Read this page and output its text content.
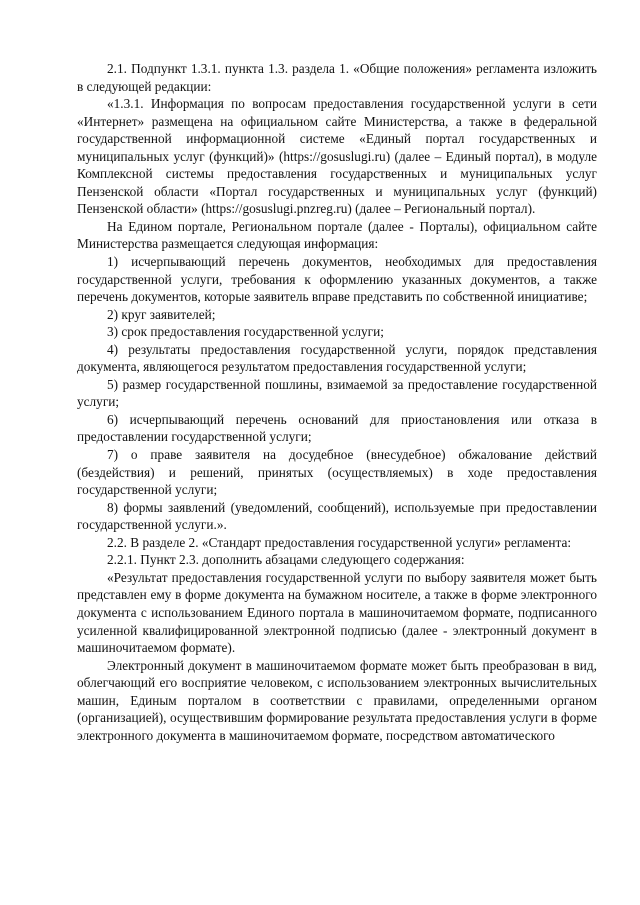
2.1. Подпункт 1.3.1. пункта 1.3. раздела 1. «Общие положения» регламента изложить в следующей редакции:

«1.3.1. Информация по вопросам предоставления государственной услуги в сети «Интернет» размещена на официальном сайте Министерства, а также в федеральной государственной информационной системе «Единый портал государственных и муниципальных услуг (функций)» (https://gosuslugi.ru) (далее – Единый портал), в модуле Комплексной системы предоставления государственных и муниципальных услуг Пензенской области «Портал государственных и муниципальных услуг (функций) Пензенской области» (https://gosuslugi.pnzreg.ru) (далее – Региональный портал).

На Едином портале, Региональном портале (далее - Порталы), официальном сайте Министерства размещается следующая информация:

1) исчерпывающий перечень документов, необходимых для предоставления государственной услуги, требования к оформлению указанных документов, а также перечень документов, которые заявитель вправе представить по собственной инициативе;

2) круг заявителей;

3) срок предоставления государственной услуги;

4) результаты предоставления государственной услуги, порядок представления документа, являющегося результатом предоставления государственной услуги;

5) размер государственной пошлины, взимаемой за предоставление государственной услуги;

6) исчерпывающий перечень оснований для приостановления или отказа в предоставлении государственной услуги;

7) о праве заявителя на досудебное (внесудебное) обжалование действий (бездействия) и решений, принятых (осуществляемых) в ходе предоставления государственной услуги;

8) формы заявлений (уведомлений, сообщений), используемые при предоставлении государственной услуги.».

2.2. В разделе 2. «Стандарт предоставления государственной услуги» регламента:

2.2.1. Пункт 2.3. дополнить абзацами следующего содержания:

«Результат предоставления государственной услуги по выбору заявителя может быть представлен ему в форме документа на бумажном носителе, а также в форме электронного документа с использованием Единого портала в машиночитаемом формате, подписанного усиленной квалифицированной электронной подписью (далее - электронный документ в машиночитаемом формате).

Электронный документ в машиночитаемом формате может быть преобразован в вид, облегчающий его восприятие человеком, с использованием электронных вычислительных машин, Единым порталом в соответствии с правилами, определенными органом (организацией), осуществившим формирование результата предоставления услуги в форме электронного документа в машиночитаемом формате, посредством автоматического
